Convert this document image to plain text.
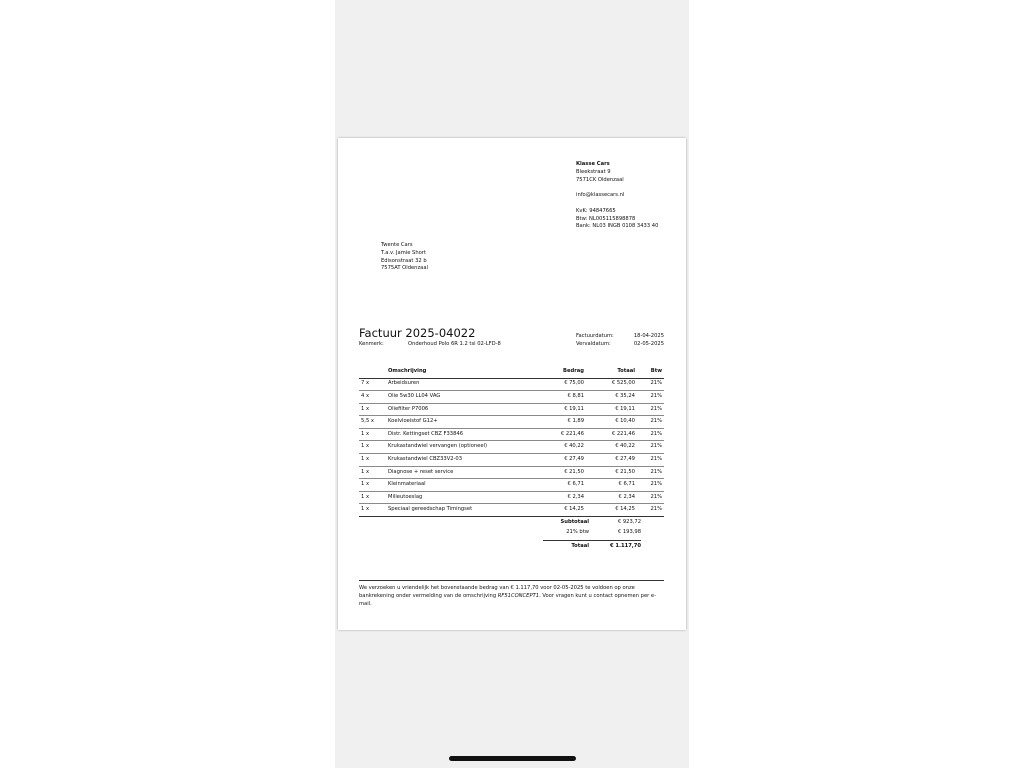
Klasse Cars
Bleekstraat 9
7571CK Oldenzaal
info@klassecars.nl
KvK: 94847665
Btw: NL005115898878
Bank: NL03 INGB 0108 3433 40
Twente Cars
T.a.v. Jamie Short
Edisonstraat 32 b
7575AT Oldenzaal
Factuur 2025-04022
Kenmerk:	Onderhoud Polo 6R 1.2 tsi 02-LFD-8
Factuurdatum:	18-04-2025
Vervaldatum:	02-05-2025
	Omschrijving	Bedrag	Totaal	Btw
7 x	Arbeidsuren	€ 75,00	€ 525,00	21%
4 x	Olie 5w30 LL04 VAG	€ 8,81	€ 35,24	21%
1 x	Oliefilter P7006	€ 19,11	€ 19,11	21%
5,5 x	Koelvloeistof G12+	€ 1,89	€ 10,40	21%
1 x	Distr. Kettingset CBZ F33846	€ 221,46	€ 221,46	21%
1 x	Krukastandwiel vervangen (optioneel)	€ 40,22	€ 40,22	21%
1 x	Krukastandwiel CBZ33V2-03	€ 27,49	€ 27,49	21%
1 x	Diagnose + reset service	€ 21,50	€ 21,50	21%
1 x	Kleinmateriaal	€ 6,71	€ 6,71	21%
1 x	Milieutoeslag	€ 2,34	€ 2,34	21%
1 x	Speciaal gereedschap Timingset	€ 14,25	€ 14,25	21%
Subtotaal	€ 923,72
21% btw	€ 193,98
Totaal	€ 1.117,70
We verzoeken u vriendelijk het bovenstaande bedrag van € 1.117,70 voor 02-05-2025 te voldoen op onze bankrekening onder vermelding van de omschrijving RF51CONCEPT1. Voor vragen kunt u contact opnemen per e-mail.
